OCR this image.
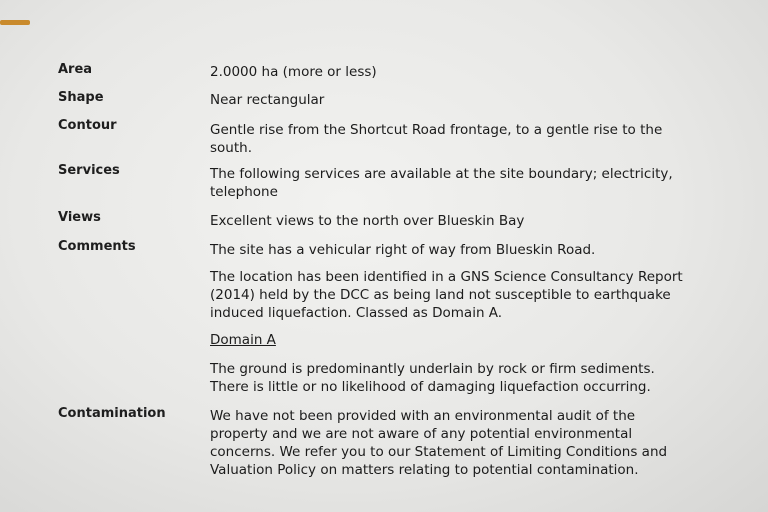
Area	2.0000 ha (more or less)
Shape	Near rectangular
Contour	Gentle rise from the Shortcut Road frontage, to a gentle rise to the
south.
Services	The following services are available at the site boundary; electricity,
telephone
Views	Excellent views to the north over Blueskin Bay
Comments	The site has a vehicular right of way from Blueskin Road.
The location has been identified in a GNS Science Consultancy Report
(2014) held by the DCC as being land not susceptible to earthquake
induced liquefaction. Classed as Domain A.
Domain A
The ground is predominantly underlain by rock or firm sediments.
There is little or no likelihood of damaging liquefaction occurring.
Contamination	We have not been provided with an environmental audit of the
property and we are not aware of any potential environmental
concerns. We refer you to our Statement of Limiting Conditions and
Valuation Policy on matters relating to potential contamination.
